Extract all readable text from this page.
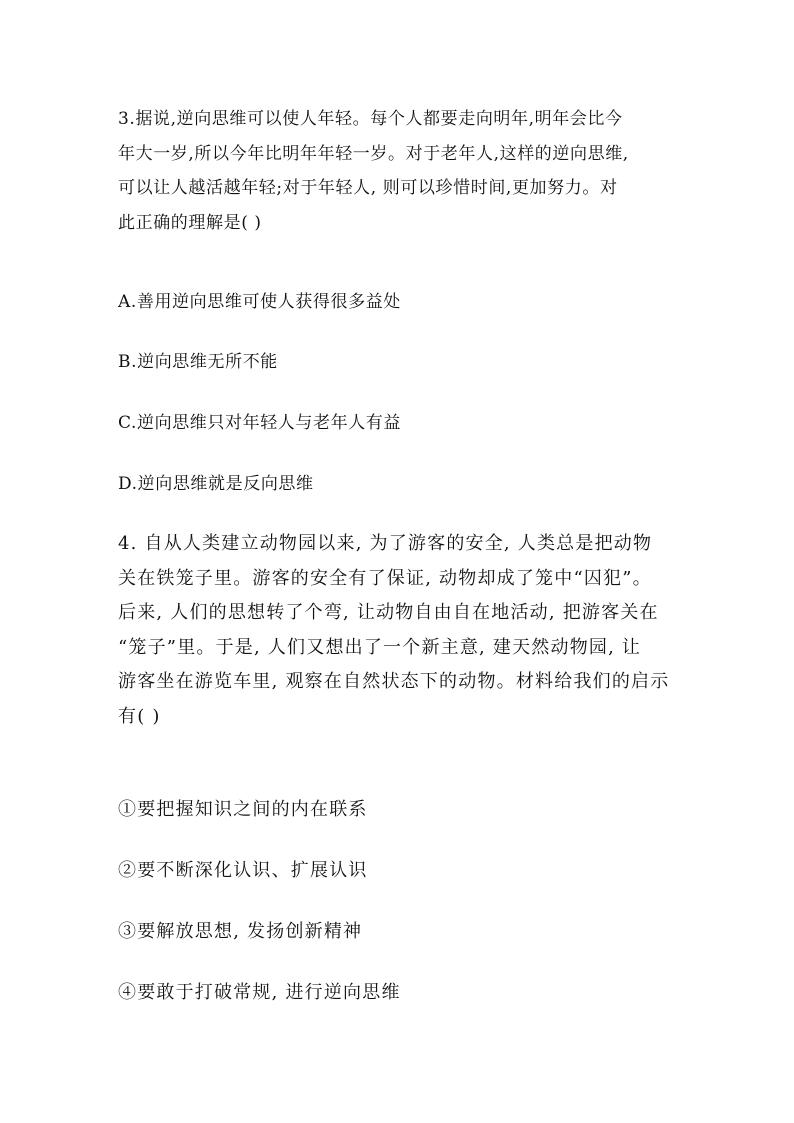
3.据说,逆向思维可以使人年轻。每个人都要走向明年,明年会比今
年大一岁,所以今年比明年年轻一岁。对于老年人,这样的逆向思维,
可以让人越活越年轻;对于年轻人, 则可以珍惜时间,更加努力。对
此正确的理解是( )
A.善用逆向思维可使人获得很多益处
B.逆向思维无所不能
C.逆向思维只对年轻人与老年人有益
D.逆向思维就是反向思维
4. 自从人类建立动物园以来, 为了游客的安全, 人类总是把动物
关在铁笼子里。游客的安全有了保证, 动物却成了笼中“囚犯”。
后来, 人们的思想转了个弯, 让动物自由自在地活动, 把游客关在
“笼子”里。于是, 人们又想出了一个新主意, 建天然动物园, 让
游客坐在游览车里, 观察在自然状态下的动物。材料给我们的启示
有( )
①要把握知识之间的内在联系
②要不断深化认识、扩展认识
③要解放思想, 发扬创新精神
④要敢于打破常规, 进行逆向思维
